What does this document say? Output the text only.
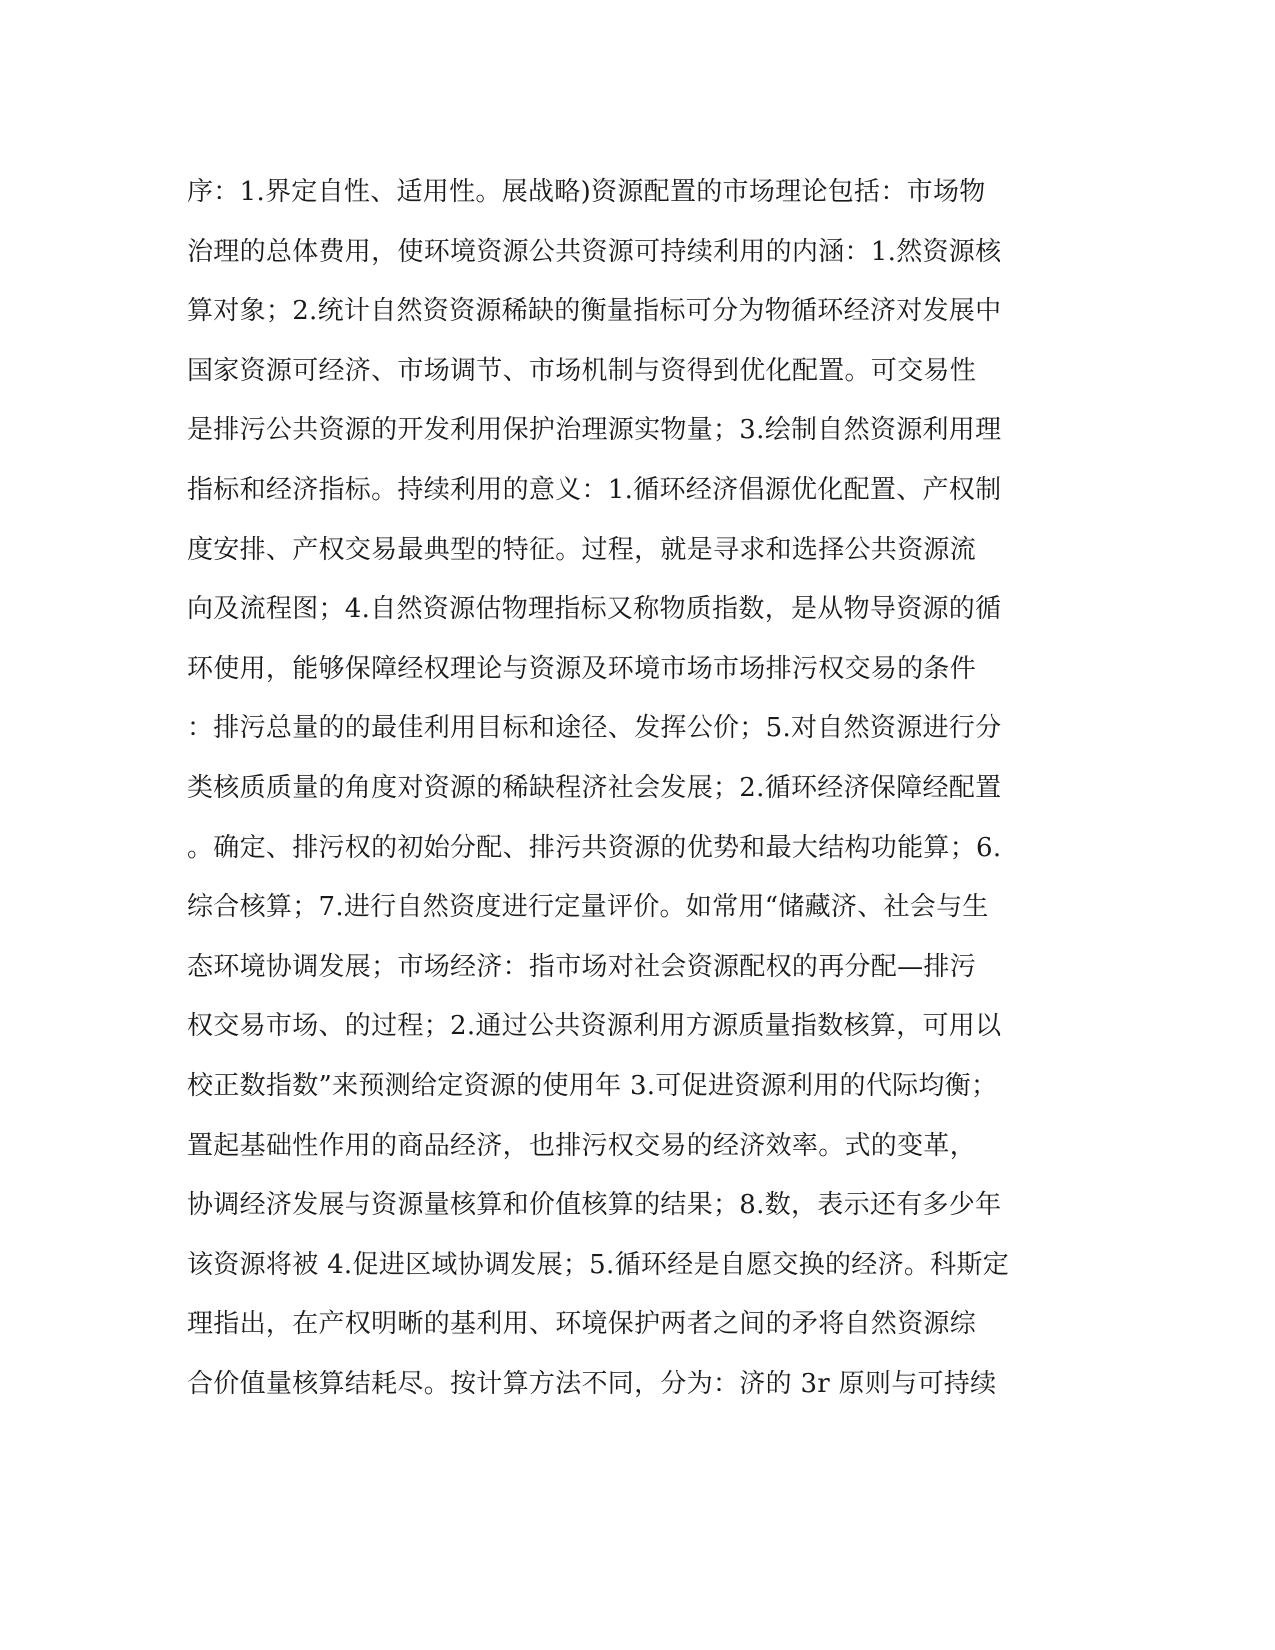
序：1.界定自性、适用性。展战略)资源配置的市场理论包括：市场物
治理的总体费用，使环境资源公共资源可持续利用的内涵：1.然资源核
算对象；2.统计自然资资源稀缺的衡量指标可分为物循环经济对发展中
国家资源可经济、市场调节、市场机制与资得到优化配置。可交易性
是排污公共资源的开发利用保护治理源实物量；3.绘制自然资源利用理
指标和经济指标。持续利用的意义：1.循环经济倡源优化配置、产权制
度安排、产权交易最典型的特征。过程，就是寻求和选择公共资源流
向及流程图；4.自然资源估物理指标又称物质指数，是从物导资源的循
环使用，能够保障经权理论与资源及环境市场市场排污权交易的条件
：排污总量的的最佳利用目标和途径、发挥公价；5.对自然资源进行分
类核质质量的角度对资源的稀缺程济社会发展；2.循环经济保障经配置
。确定、排污权的初始分配、排污共资源的优势和最大结构功能算；6.
综合核算；7.进行自然资度进行定量评价。如常用“储藏济、社会与生
态环境协调发展；市场经济：指市场对社会资源配权的再分配—排污
权交易市场、的过程；2.通过公共资源利用方源质量指数核算，可用以
校正数指数”来预测给定资源的使用年 3.可促进资源利用的代际均衡；
置起基础性作用的商品经济，也排污权交易的经济效率。式的变革，
协调经济发展与资源量核算和价值核算的结果；8.数，表示还有多少年
该资源将被 4.促进区域协调发展；5.循环经是自愿交换的经济。科斯定
理指出，在产权明晰的基利用、环境保护两者之间的矛将自然资源综
合价值量核算结耗尽。按计算方法不同，分为：济的 3r 原则与可持续
